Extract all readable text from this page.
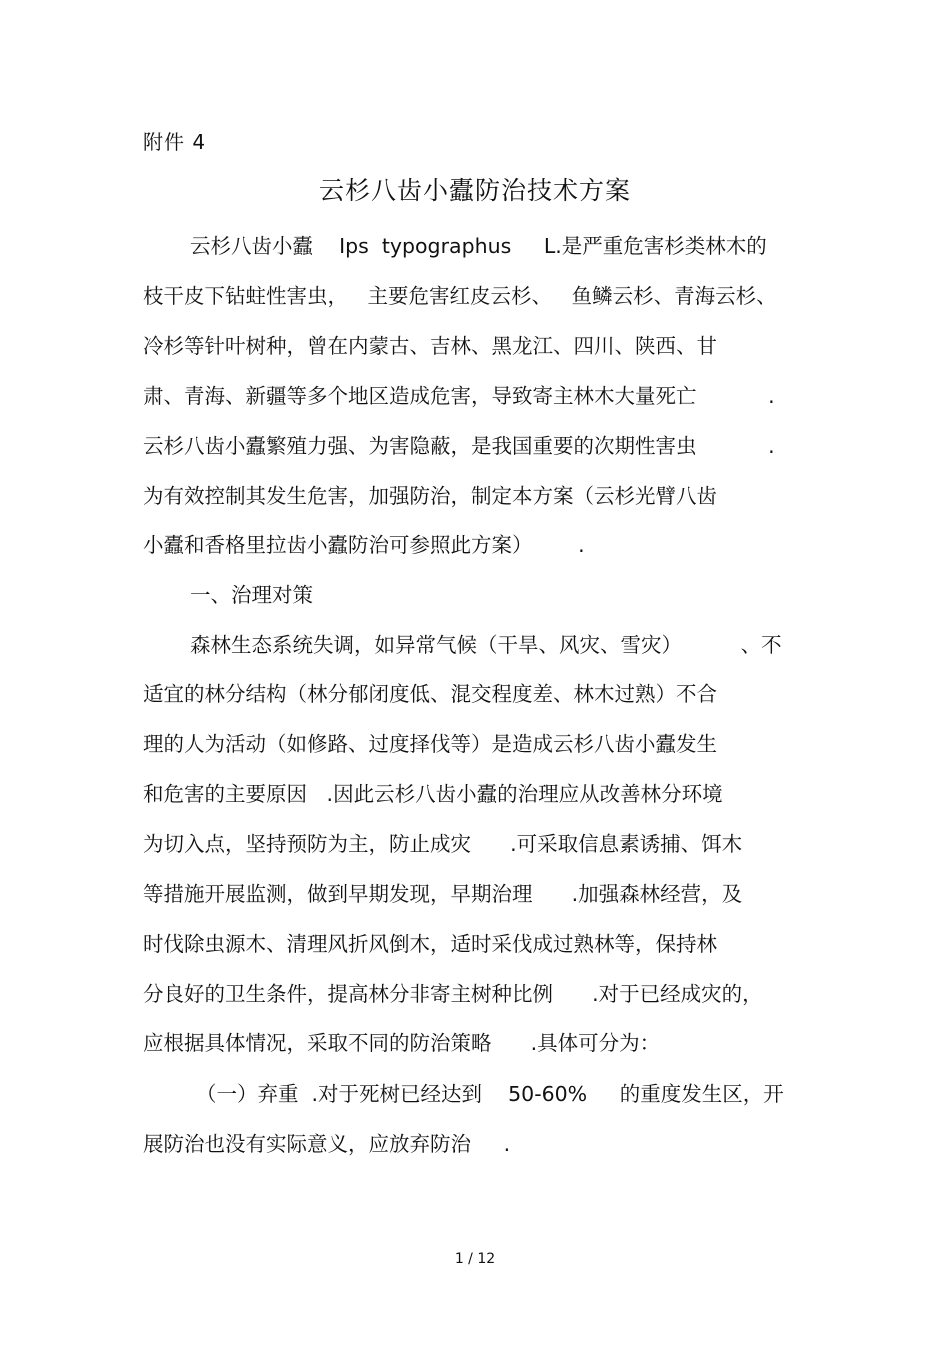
附件 4
云杉八齿小蠹防治技术方案
云杉八齿小蠹    Ips  typographus     L.是严重危害杉类林木的
枝干皮下钻蛀性害虫，   主要危害红皮云杉、   鱼鳞云杉、青海云杉、
冷杉等针叶树种，曾在内蒙古、吉林、黑龙江、四川、陕西、甘
肃、青海、新疆等多个地区造成危害，导致寄主林木大量死亡           .
云杉八齿小蠹繁殖力强、为害隐蔽，是我国重要的次期性害虫           .
为有效控制其发生危害，加强防治，制定本方案（云杉光臂八齿
小蠹和香格里拉齿小蠹防治可参照此方案）       .
一、治理对策
森林生态系统失调，如异常气候（干旱、风灾、雪灾）         、不
适宜的林分结构（林分郁闭度低、混交程度差、林木过熟）不合
理的人为活动（如修路、过度择伐等）是造成云杉八齿小蠹发生
和危害的主要原因   .因此云杉八齿小蠹的治理应从改善林分环境
为切入点，坚持预防为主，防止成灾      .可采取信息素诱捕、饵木
等措施开展监测，做到早期发现，早期治理      .加强森林经营，及
时伐除虫源木、清理风折风倒木，适时采伐成过熟林等，保持林
分良好的卫生条件，提高林分非寄主树种比例      .对于已经成灾的，
应根据具体情况，采取不同的防治策略      .具体可分为：
（一）弃重  .对于死树已经达到    50-60%     的重度发生区，开
展防治也没有实际意义，应放弃防治     .
1 / 12
